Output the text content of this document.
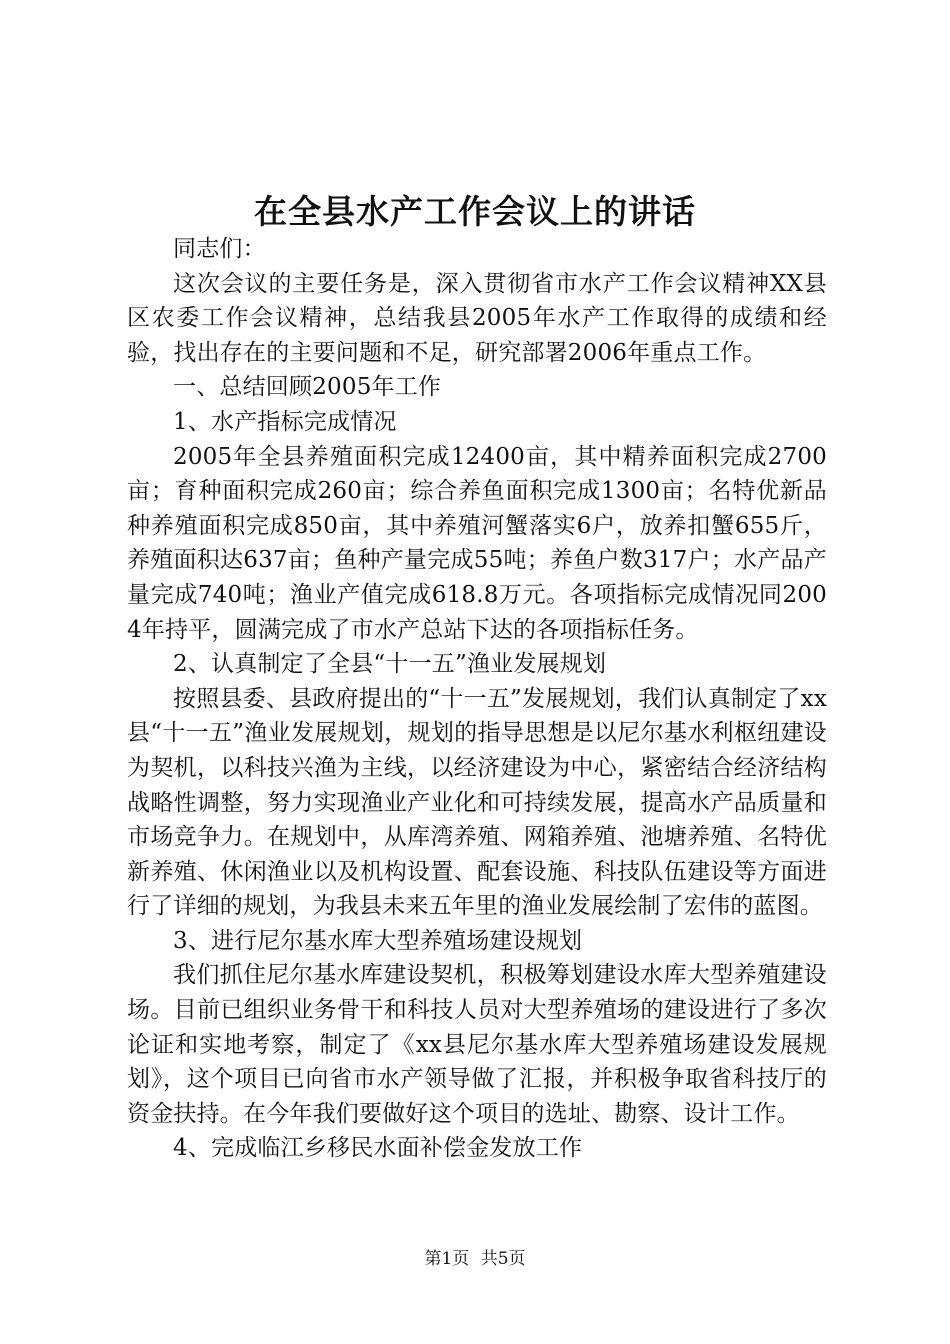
在全县水产工作会议上的讲话

同志们：

这次会议的主要任务是，深入贯彻省市水产工作会议精神XX县区农委工作会议精神，总结我县2005年水产工作取得的成绩和经验，找出存在的主要问题和不足，研究部署2006年重点工作。

一、总结回顾2005年工作

1、水产指标完成情况

2005年全县养殖面积完成12400亩，其中精养面积完成2700亩；育种面积完成260亩；综合养鱼面积完成1300亩；名特优新品种养殖面积完成850亩，其中养殖河蟹落实6户，放养扣蟹655斤，养殖面积达637亩；鱼种产量完成55吨；养鱼户数317户；水产品产量完成740吨；渔业产值完成618.8万元。各项指标完成情况同2004年持平，圆满完成了市水产总站下达的各项指标任务。

2、认真制定了全县“十一五”渔业发展规划

按照县委、县政府提出的“十一五”发展规划，我们认真制定了xx县“十一五”渔业发展规划，规划的指导思想是以尼尔基水利枢纽建设为契机，以科技兴渔为主线，以经济建设为中心，紧密结合经济结构战略性调整，努力实现渔业产业化和可持续发展，提高水产品质量和市场竞争力。在规划中，从库湾养殖、网箱养殖、池塘养殖、名特优新养殖、休闲渔业以及机构设置、配套设施、科技队伍建设等方面进行了详细的规划，为我县未来五年里的渔业发展绘制了宏伟的蓝图。

3、进行尼尔基水库大型养殖场建设规划

我们抓住尼尔基水库建设契机，积极筹划建设水库大型养殖建设场。目前已组织业务骨干和科技人员对大型养殖场的建设进行了多次论证和实地考察，制定了《xx县尼尔基水库大型养殖场建设发展规划》，这个项目已向省市水产领导做了汇报，并积极争取省科技厅的资金扶持。在今年我们要做好这个项目的选址、勘察、设计工作。

4、完成临江乡移民水面补偿金发放工作

第1页 共5页
